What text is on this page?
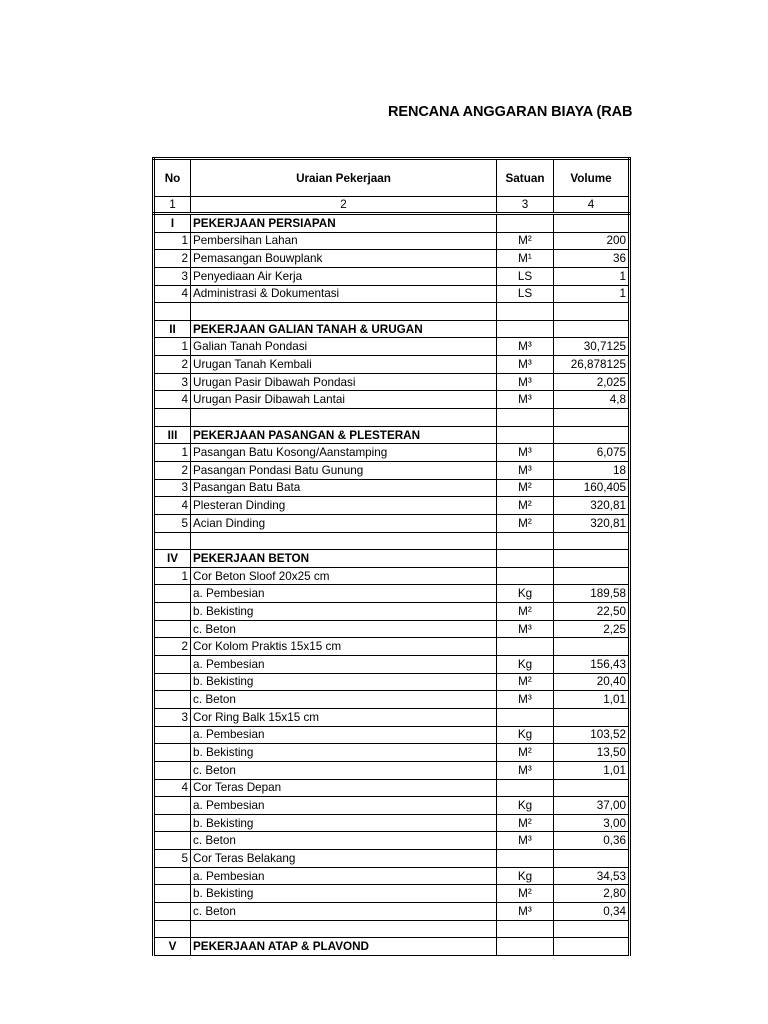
RENCANA ANGGARAN BIAYA (RAB
No	Uraian Pekerjaan	Satuan	Volume
1	2	3	4
I	PEKERJAAN PERSIAPAN		
1	Pembersihan Lahan	M²	200
2	Pemasangan Bouwplank	M¹	36
3	Penyediaan Air Kerja	LS	1
4	Administrasi & Dokumentasi	LS	1

II	PEKERJAAN GALIAN TANAH & URUGAN		
1	Galian Tanah Pondasi	M³	30,7125
2	Urugan Tanah Kembali	M³	26,878125
3	Urugan Pasir Dibawah Pondasi	M³	2,025
4	Urugan Pasir Dibawah Lantai	M³	4,8

III	PEKERJAAN PASANGAN & PLESTERAN		
1	Pasangan Batu Kosong/Aanstamping	M³	6,075
2	Pasangan Pondasi Batu Gunung	M³	18
3	Pasangan Batu Bata	M²	160,405
4	Plesteran Dinding	M²	320,81
5	Acian Dinding	M²	320,81

IV	PEKERJAAN BETON		
1	Cor Beton Sloof 20x25 cm		
	a. Pembesian	Kg	189,58
	b. Bekisting	M²	22,50
	c. Beton	M³	2,25
2	Cor Kolom Praktis 15x15 cm		
	a. Pembesian	Kg	156,43
	b. Bekisting	M²	20,40
	c. Beton	M³	1,01
3	Cor Ring Balk 15x15 cm		
	a. Pembesian	Kg	103,52
	b. Bekisting	M²	13,50
	c. Beton	M³	1,01
4	Cor Teras Depan		
	a. Pembesian	Kg	37,00
	b. Bekisting	M²	3,00
	c. Beton	M³	0,36
5	Cor Teras Belakang		
	a. Pembesian	Kg	34,53
	b. Bekisting	M²	2,80
	c. Beton	M³	0,34

V	PEKERJAAN ATAP & PLAVOND		
